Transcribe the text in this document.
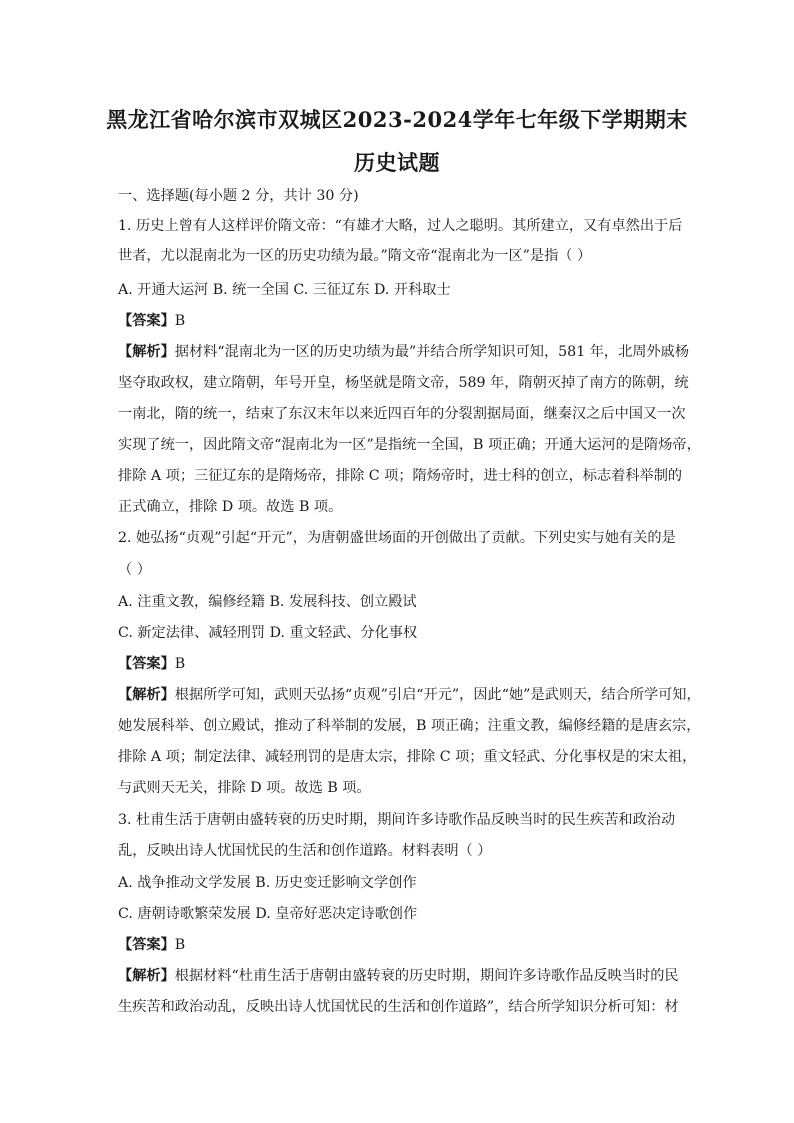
黑龙江省哈尔滨市双城区2023-2024学年七年级下学期期末
历史试题
一、选择题(每小题 2 分，共计 30 分)
1. 历史上曾有人这样评价隋文帝：“有雄才大略，过人之聪明。其所建立，又有卓然出于后
世者，尤以混南北为一区的历史功绩为最。”隋文帝“混南北为一区”是指（ ）
A. 开通大运河 B. 统一全国 C. 三征辽东 D. 开科取士
【答案】B
【解析】据材料“混南北为一区的历史功绩为最”并结合所学知识可知，581 年，北周外戚杨
坚夺取政权，建立隋朝，年号开皇，杨坚就是隋文帝，589 年，隋朝灭掉了南方的陈朝，统
一南北，隋的统一，结束了东汉末年以来近四百年的分裂割据局面，继秦汉之后中国又一次
实现了统一，因此隋文帝“混南北为一区”是指统一全国，B 项正确；开通大运河的是隋炀帝，
排除 A 项；三征辽东的是隋炀帝，排除 C 项；隋炀帝时，进士科的创立，标志着科举制的
正式确立，排除 D 项。故选 B 项。
2. 她弘扬“贞观”引起“开元”，为唐朝盛世场面的开创做出了贡献。下列史实与她有关的是
（ ）
A. 注重文教，编修经籍 B. 发展科技、创立殿试
C. 新定法律、减轻刑罚 D. 重文轻武、分化事权
【答案】B
【解析】根据所学可知，武则天弘扬“贞观”引启“开元”，因此“她”是武则天，结合所学可知，
她发展科举、创立殿试，推动了科举制的发展，B 项正确；注重文教，编修经籍的是唐玄宗，
排除 A 项；制定法律、减轻刑罚的是唐太宗，排除 C 项；重文轻武、分化事权是的宋太祖，
与武则天无关，排除 D 项。故选 B 项。
3. 杜甫生活于唐朝由盛转衰的历史时期，期间许多诗歌作品反映当时的民生疾苦和政治动
乱，反映出诗人忧国忧民的生活和创作道路。材料表明（ ）
A. 战争推动文学发展 B. 历史变迁影响文学创作
C. 唐朝诗歌繁荣发展 D. 皇帝好恶决定诗歌创作
【答案】B
【解析】根据材料“杜甫生活于唐朝由盛转衰的历史时期，期间许多诗歌作品反映当时的民
生疾苦和政治动乱，反映出诗人忧国忧民的生活和创作道路”，结合所学知识分析可知：材
